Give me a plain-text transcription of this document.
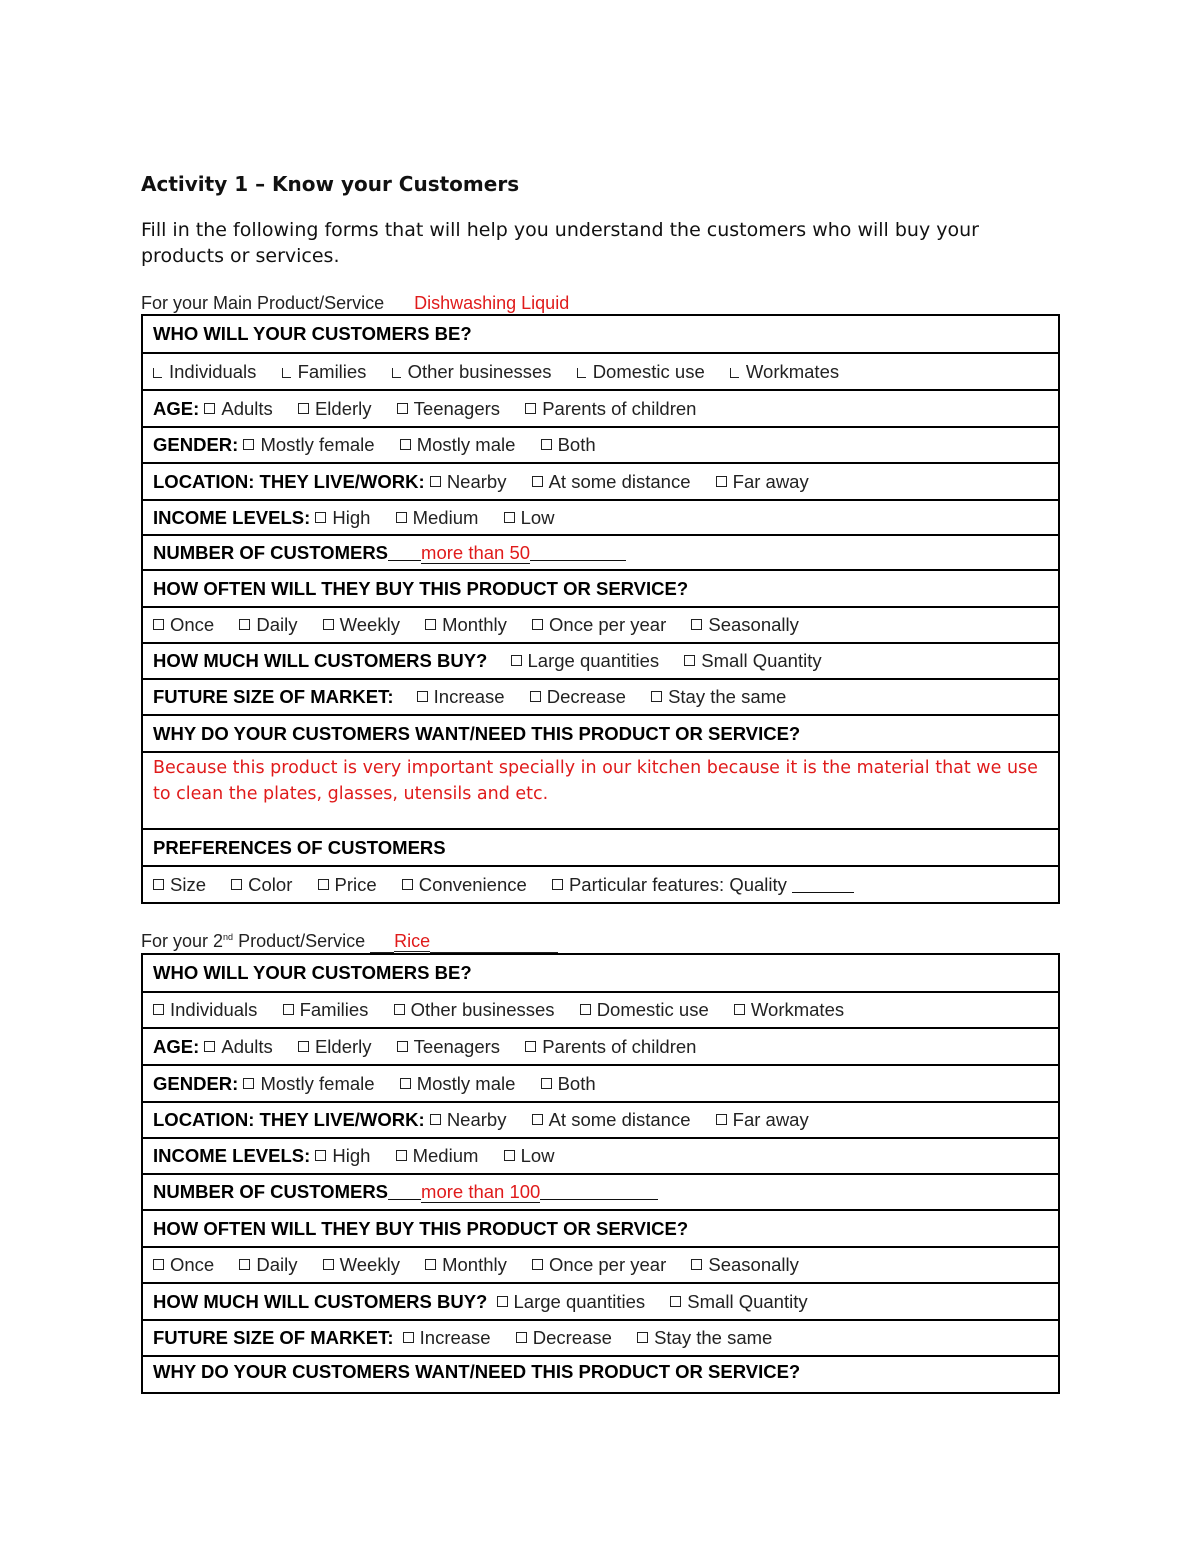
Activity 1 – Know your Customers
Fill in the following forms that will help you understand the customers who will buy your products or services.
For your Main Product/Service Dishwashing Liquid
WHO WILL YOUR CUSTOMERS BE?
Individuals Families Other businesses Domestic use Workmates
AGE: Adults Elderly Teenagers Parents of children
GENDER: Mostly female Mostly male Both
LOCATION: THEY LIVE/WORK: Nearby At some distance Far away
INCOME LEVELS: High Medium Low
NUMBER OF CUSTOMERS more than 50
HOW OFTEN WILL THEY BUY THIS PRODUCT OR SERVICE?
Once Daily Weekly Monthly Once per year Seasonally
HOW MUCH WILL CUSTOMERS BUY? Large quantities Small Quantity
FUTURE SIZE OF MARKET: Increase Decrease Stay the same
WHY DO YOUR CUSTOMERS WANT/NEED THIS PRODUCT OR SERVICE?
Because this product is very important specially in our kitchen because it is the material that we use to clean the plates, glasses, utensils and etc.
PREFERENCES OF CUSTOMERS
Size Color Price Convenience Particular features: Quality
For your 2nd Product/Service Rice
WHO WILL YOUR CUSTOMERS BE?
Individuals Families Other businesses Domestic use Workmates
AGE: Adults Elderly Teenagers Parents of children
GENDER: Mostly female Mostly male Both
LOCATION: THEY LIVE/WORK: Nearby At some distance Far away
INCOME LEVELS: High Medium Low
NUMBER OF CUSTOMERS more than 100
HOW OFTEN WILL THEY BUY THIS PRODUCT OR SERVICE?
Once Daily Weekly Monthly Once per year Seasonally
HOW MUCH WILL CUSTOMERS BUY? Large quantities Small Quantity
FUTURE SIZE OF MARKET: Increase Decrease Stay the same
WHY DO YOUR CUSTOMERS WANT/NEED THIS PRODUCT OR SERVICE?
